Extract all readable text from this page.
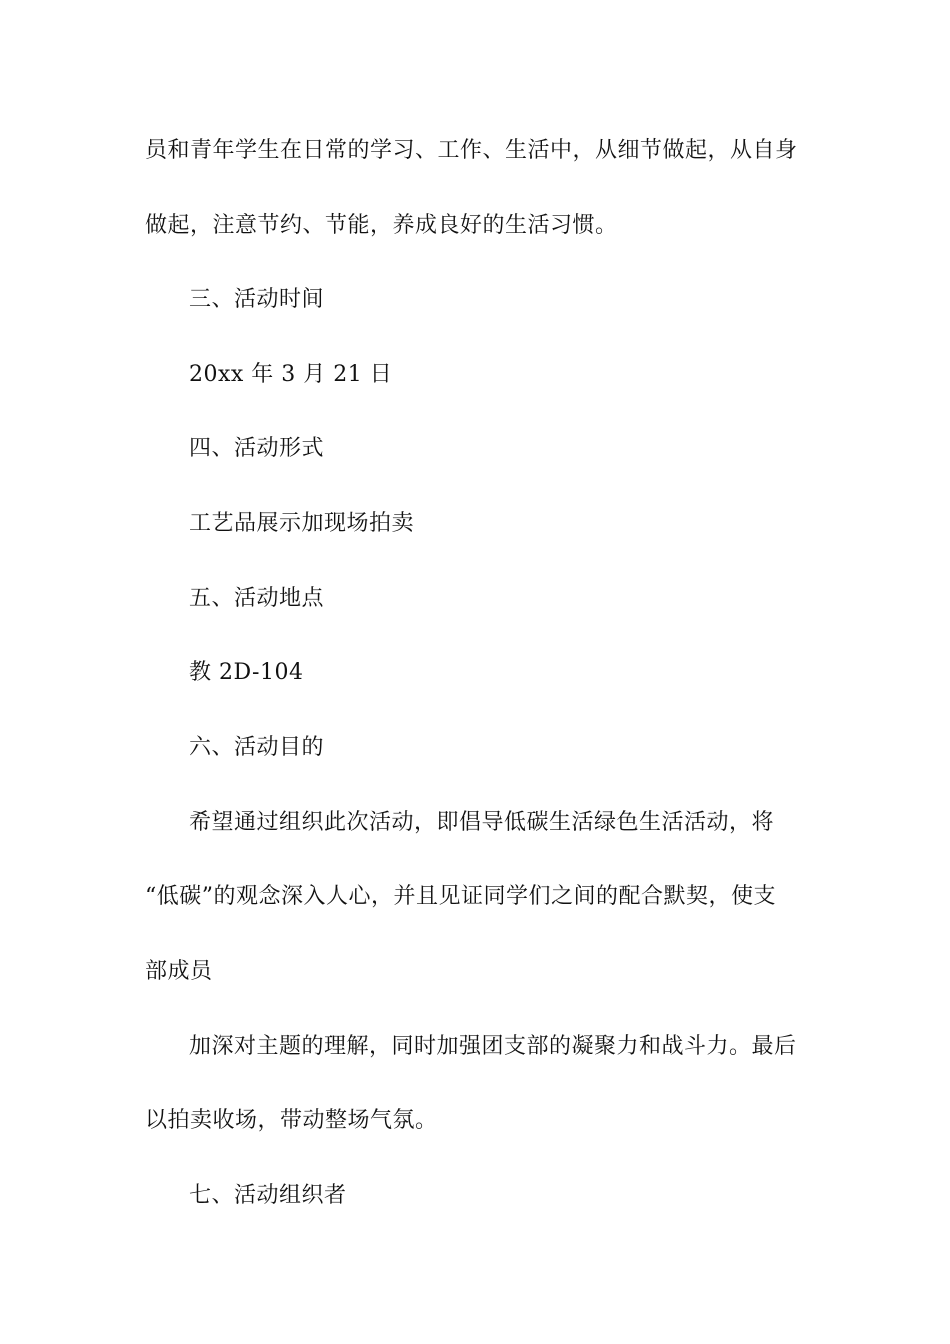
员和青年学生在日常的学习、工作、生活中，从细节做起，从自身
做起，注意节约、节能，养成良好的生活习惯。
三、活动时间
20xx 年 3 月 21 日
四、活动形式
工艺品展示加现场拍卖
五、活动地点
教 2D-104
六、活动目的
希望通过组织此次活动，即倡导低碳生活绿色生活活动，将
“低碳”的观念深入人心，并且见证同学们之间的配合默契，使支
部成员
加深对主题的理解，同时加强团支部的凝聚力和战斗力。最后
以拍卖收场，带动整场气氛。
七、活动组织者
